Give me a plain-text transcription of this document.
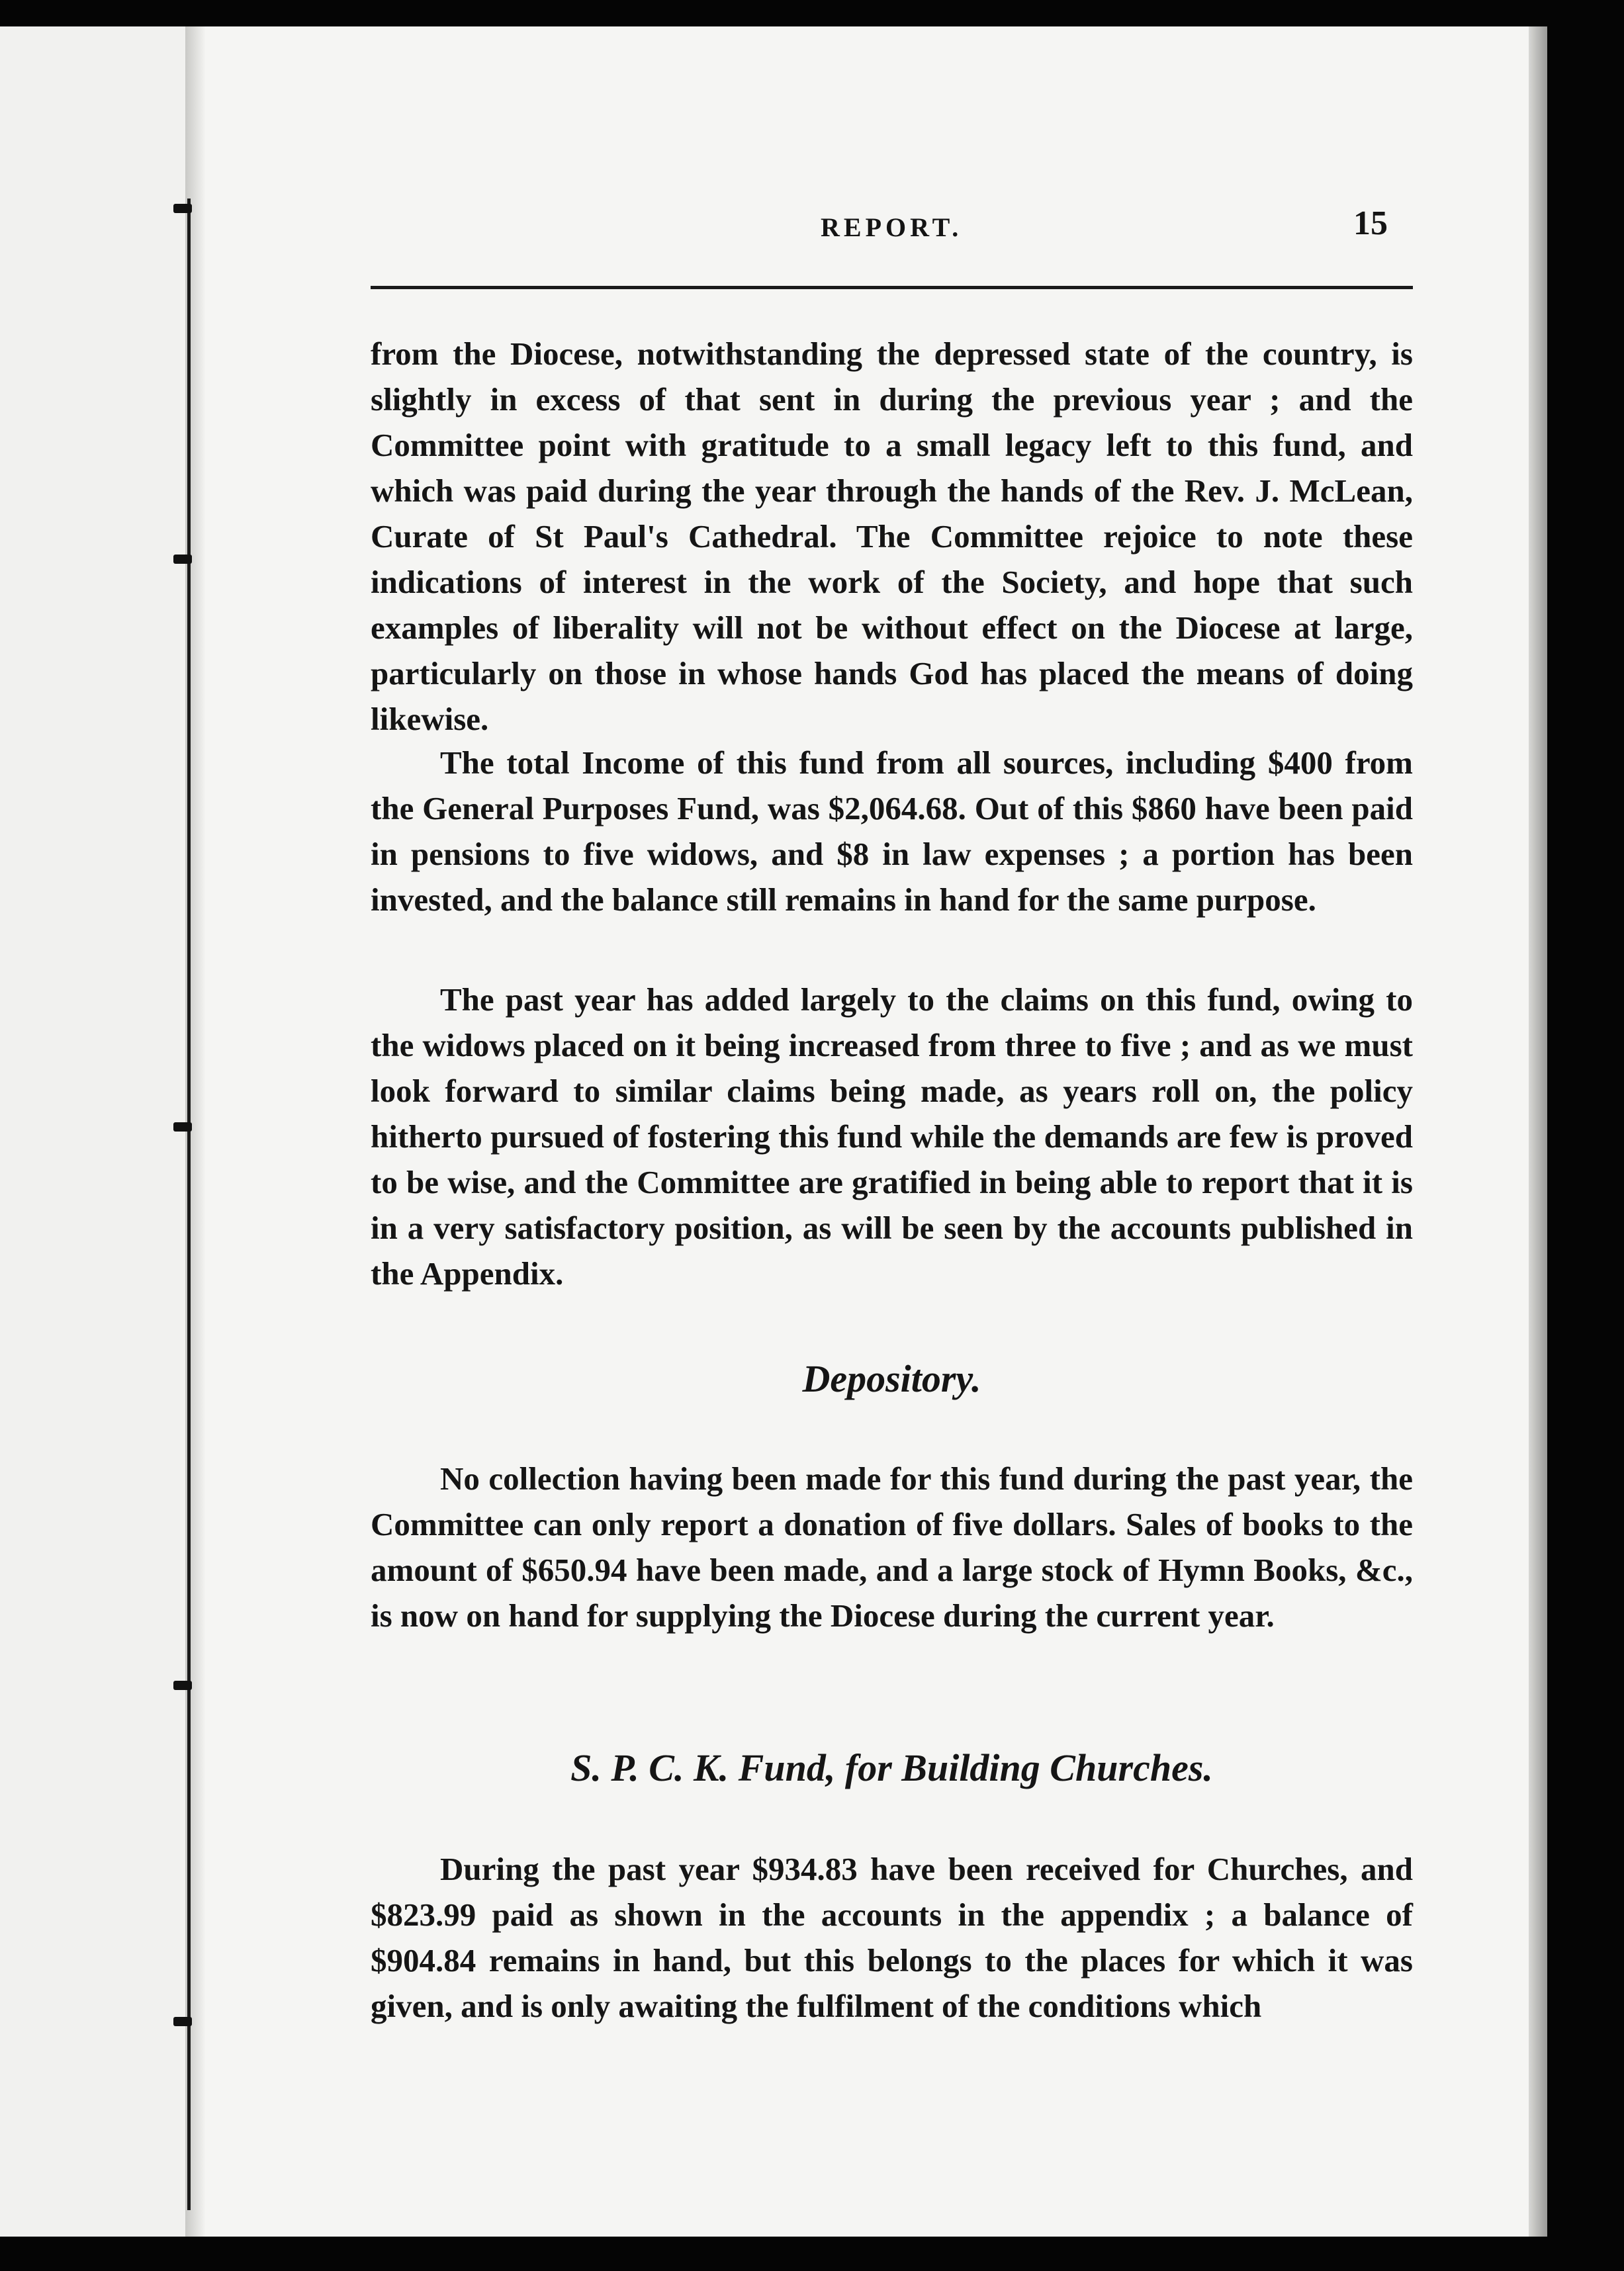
REPORT.	15

from the Diocese, notwithstanding the depressed state of the country, is slightly in excess of that sent in during the previous year ; and the Committee point with gratitude to a small legacy left to this fund, and which was paid during the year through the hands of the Rev. J. McLean, Curate of St Paul's Cathedral. The Committee rejoice to note these indications of interest in the work of the Society, and hope that such examples of liberality will not be without effect on the Diocese at large, particularly on those in whose hands God has placed the means of doing likewise.

The total Income of this fund from all sources, including $400 from the General Purposes Fund, was $2,064.68. Out of this $860 have been paid in pensions to five widows, and $8 in law expenses ; a portion has been invested, and the balance still remains in hand for the same purpose.

The past year has added largely to the claims on this fund, owing to the widows placed on it being increased from three to five ; and as we must look forward to similar claims being made, as years roll on, the policy hitherto pursued of fostering this fund while the demands are few is proved to be wise, and the Committee are gratified in being able to report that it is in a very satisfactory position, as will be seen by the accounts published in the Appendix.

Depository.

No collection having been made for this fund during the past year, the Committee can only report a donation of five dollars. Sales of books to the amount of $650.94 have been made, and a large stock of Hymn Books, &c., is now on hand for supplying the Diocese during the current year.

S. P. C. K. Fund, for Building Churches.

During the past year $934.83 have been received for Churches, and $823.99 paid as shown in the accounts in the appendix ; a balance of $904.84 remains in hand, but this belongs to the places for which it was given, and is only awaiting the fulfilment of the conditions which
